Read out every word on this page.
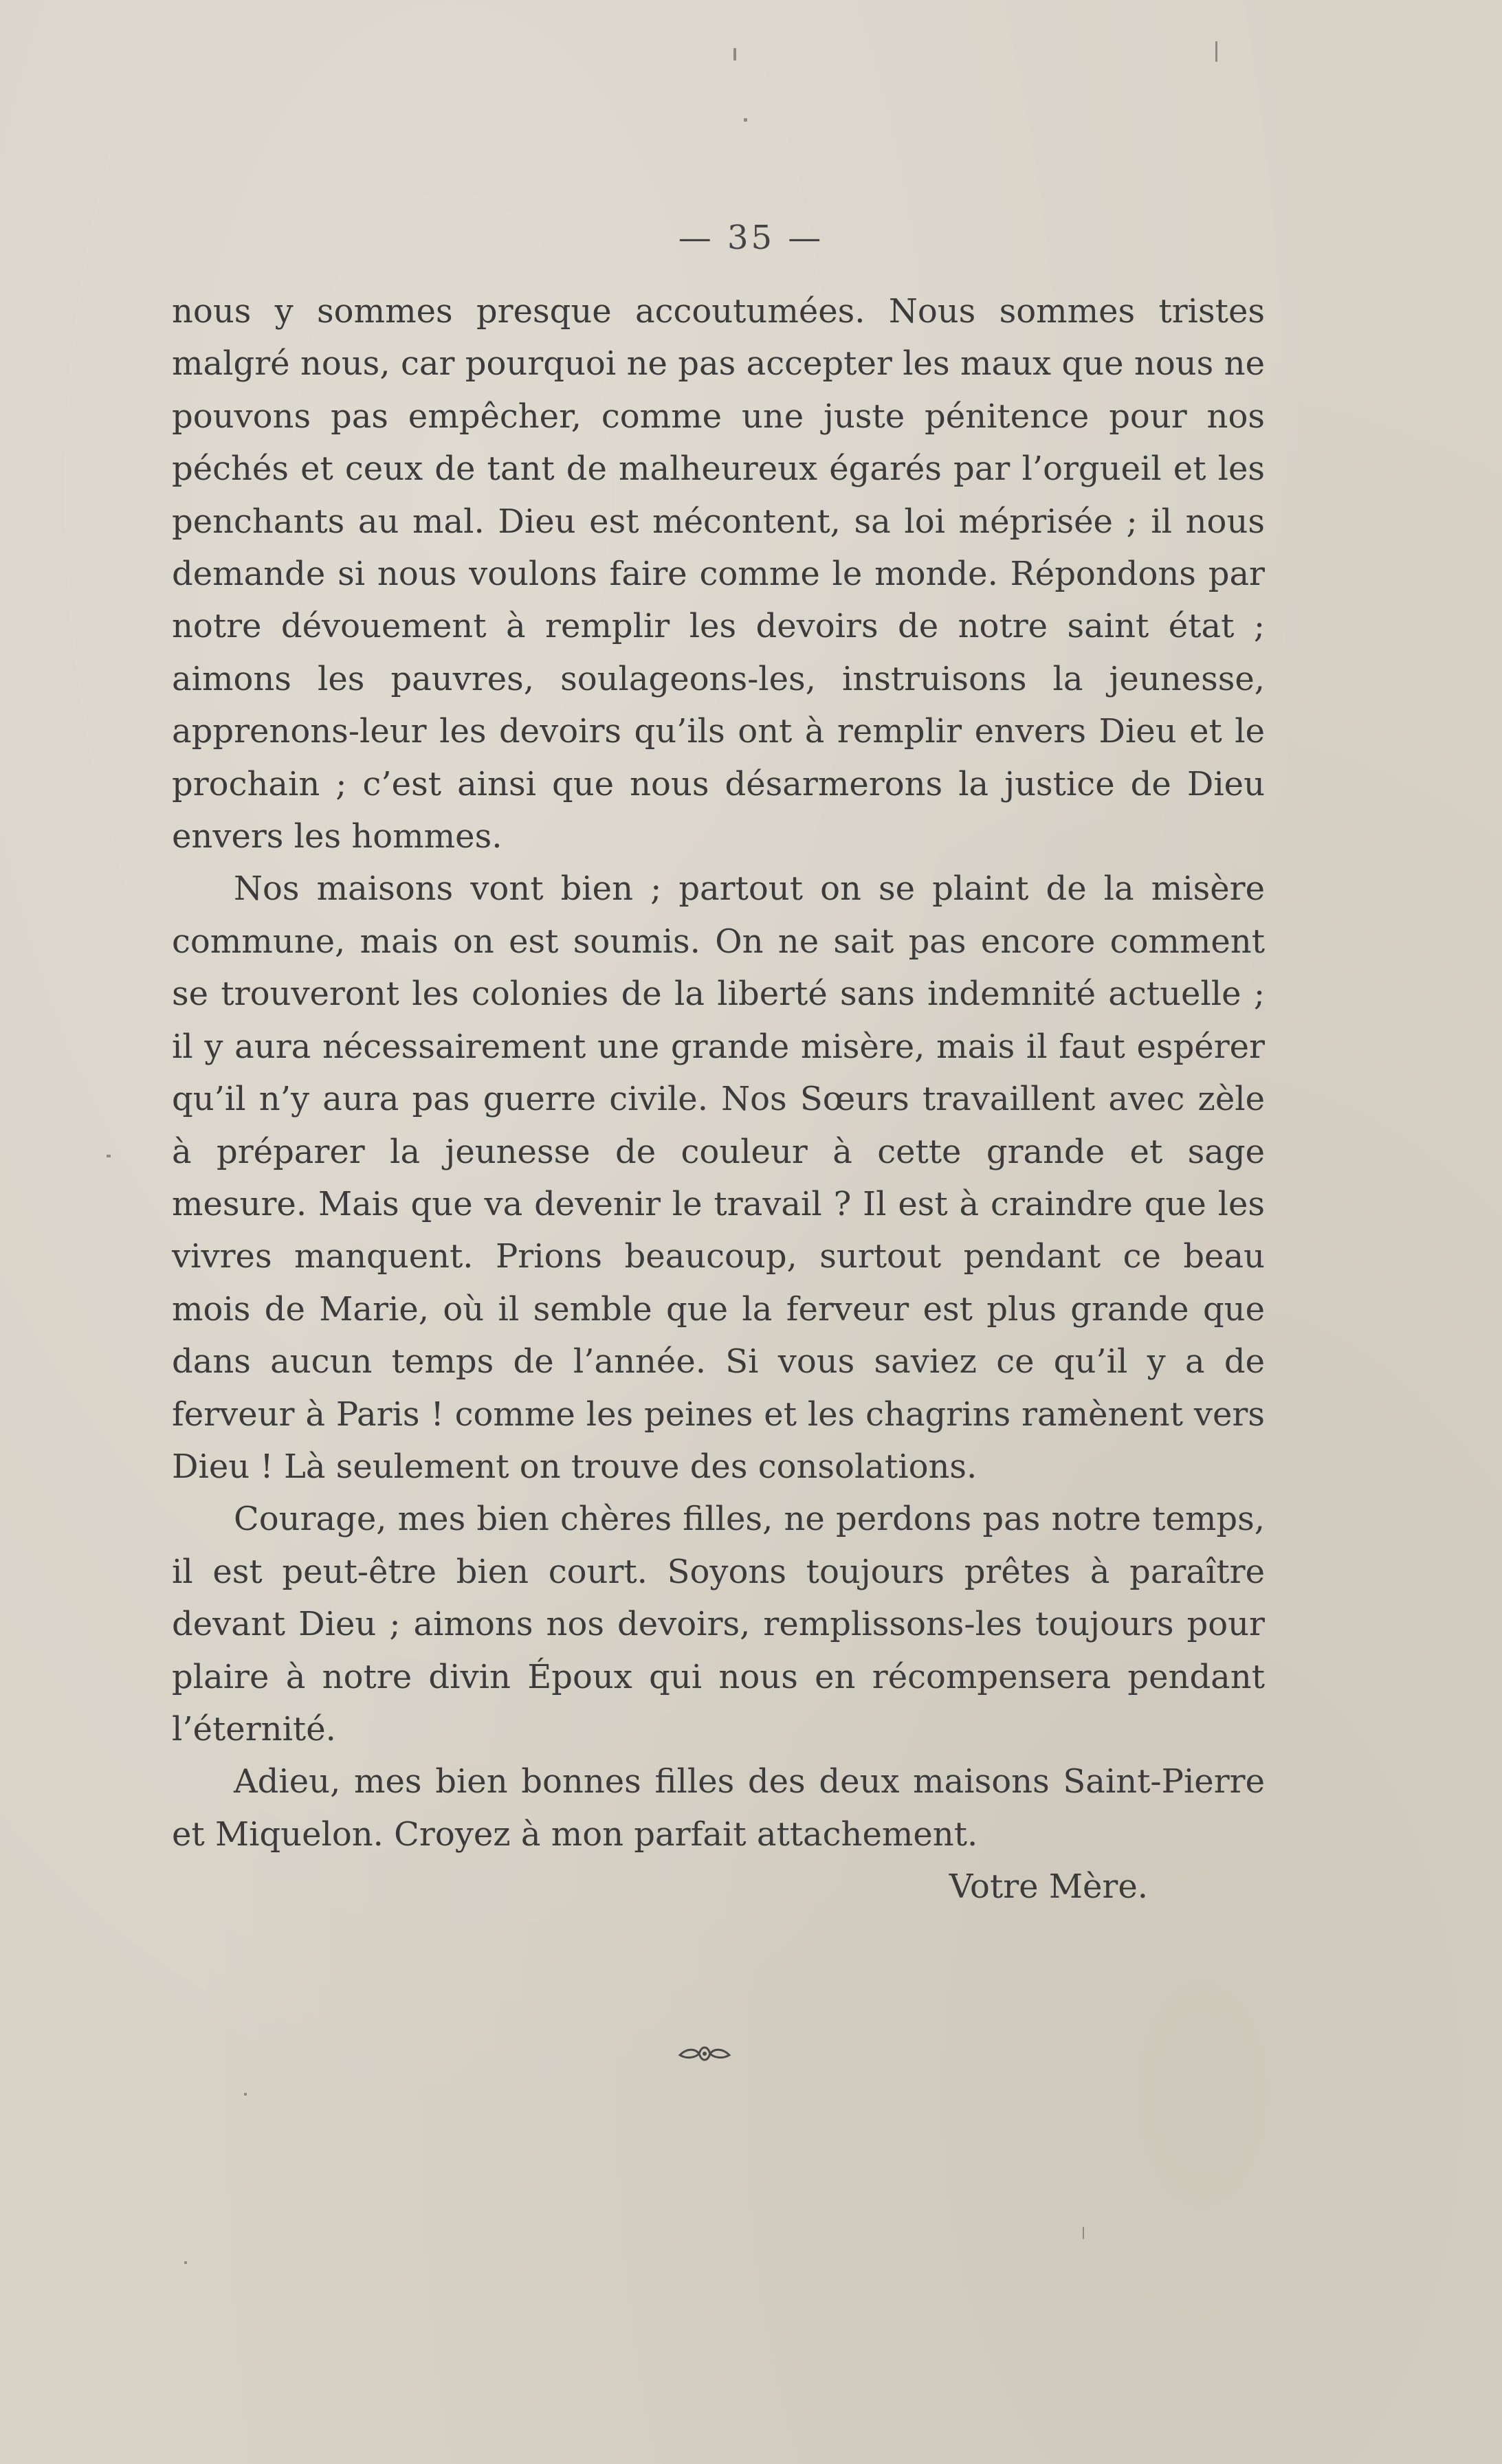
— 35 —

nous y sommes presque accoutumées. Nous sommes tristes malgré nous, car pourquoi ne pas accepter les maux que nous ne pouvons pas empêcher, comme une juste pénitence pour nos péchés et ceux de tant de malheureux égarés par l’orgueil et les penchants au mal. Dieu est mécontent, sa loi méprisée ; il nous demande si nous voulons faire comme le monde. Répondons par notre dévouement à remplir les devoirs de notre saint état ; aimons les pauvres, soulageons-les, instruisons la jeunesse, apprenons-leur les devoirs qu’ils ont à remplir envers Dieu et le prochain ; c’est ainsi que nous désarmerons la justice de Dieu envers les hommes.

Nos maisons vont bien ; partout on se plaint de la misère commune, mais on est soumis. On ne sait pas encore comment se trouveront les colonies de la liberté sans indemnité actuelle ; il y aura nécessairement une grande misère, mais il faut espérer qu’il n’y aura pas guerre civile. Nos Sœurs travaillent avec zèle à préparer la jeunesse de couleur à cette grande et sage mesure. Mais que va devenir le travail ? Il est à craindre que les vivres manquent. Prions beaucoup, surtout pendant ce beau mois de Marie, où il semble que la ferveur est plus grande que dans aucun temps de l’année. Si vous saviez ce qu’il y a de ferveur à Paris ! comme les peines et les chagrins ramènent vers Dieu ! Là seulement on trouve des consolations.

Courage, mes bien chères filles, ne perdons pas notre temps, il est peut-être bien court. Soyons toujours prêtes à paraître devant Dieu ; aimons nos devoirs, remplissons-les toujours pour plaire à notre divin Époux qui nous en récompensera pendant l’éternité.

Adieu, mes bien bonnes filles des deux maisons Saint-Pierre et Miquelon. Croyez à mon parfait attachement.

Votre Mère.
